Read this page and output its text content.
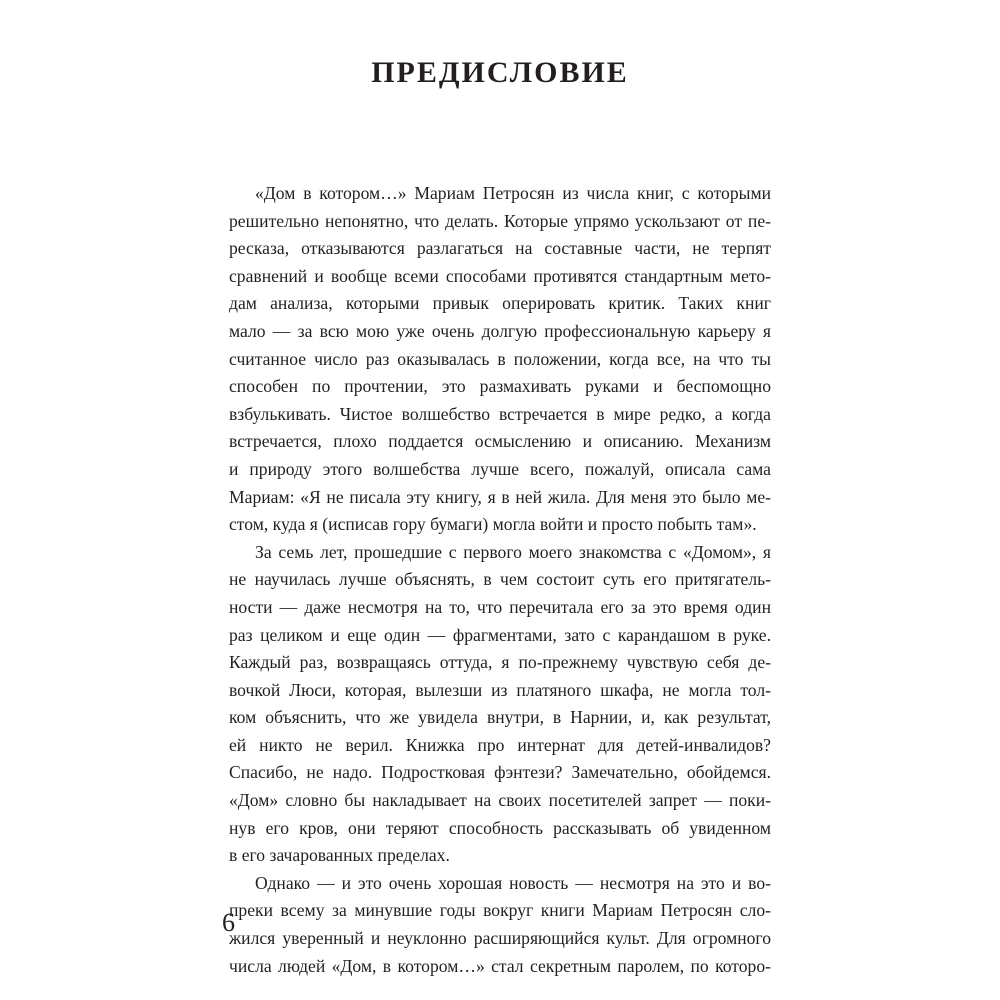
ПРЕДИСЛОВИЕ

«Дом в котором…» Мариам Петросян из числа книг, с которыми
решительно непонятно, что делать. Которые упрямо ускользают от пе-
ресказа, отказываются разлагаться на составные части, не терпят
сравнений и вообще всеми способами противятся стандартным мето-
дам анализа, которыми привык оперировать критик. Таких книг
мало — за всю мою уже очень долгую профессиональную карьеру я
считанное число раз оказывалась в положении, когда все, на что ты
способен по прочтении, это размахивать руками и беспомощно
взбулькивать. Чистое волшебство встречается в мире редко, а когда
встречается, плохо поддается осмыслению и описанию. Механизм
и природу этого волшебства лучше всего, пожалуй, описала сама
Мариам: «Я не писала эту книгу, я в ней жила. Для меня это было ме-
стом, куда я (исписав гору бумаги) могла войти и просто побыть там».

За семь лет, прошедшие с первого моего знакомства с «Домом», я
не научилась лучше объяснять, в чем состоит суть его притягатель-
ности — даже несмотря на то, что перечитала его за это время один
раз целиком и еще один — фрагментами, зато с карандашом в руке.
Каждый раз, возвращаясь оттуда, я по-прежнему чувствую себя де-
вочкой Люси, которая, вылезши из платяного шкафа, не могла тол-
ком объяснить, что же увидела внутри, в Нарнии, и, как результат,
ей никто не верил. Книжка про интернат для детей-инвалидов?
Спасибо, не надо. Подростковая фэнтези? Замечательно, обойдемся.
«Дом» словно бы накладывает на своих посетителей запрет — поки-
нув его кров, они теряют способность рассказывать об увиденном
в его зачарованных пределах.

Однако — и это очень хорошая новость — несмотря на это и во-
преки всему за минувшие годы вокруг книги Мариам Петросян сло-
жился уверенный и неуклонно расширяющийся культ. Для огромного
числа людей «Дом, в котором…» стал секретным паролем, по которо-

6
